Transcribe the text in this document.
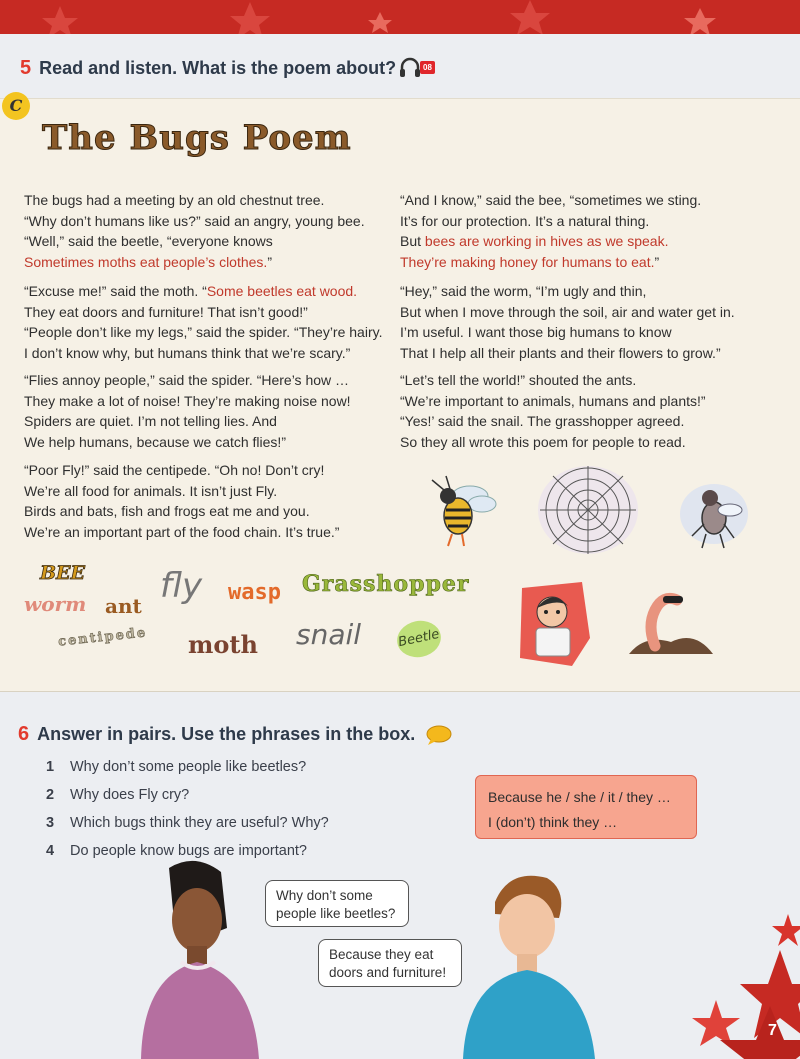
5 Read and listen. What is the poem about?	08
C
The Bugs Poem
The bugs had a meeting by an old chestnut tree.
“Why don’t humans like us?” said an angry, young bee.
“Well,” said the beetle, “everyone knows
Sometimes moths eat people’s clothes.”
“Excuse me!” said the moth. “Some beetles eat wood.
They eat doors and furniture! That isn’t good!”
“People don’t like my legs,” said the spider. “They’re hairy.
I don’t know why, but humans think that we’re scary.”
“Flies annoy people,” said the spider. “Here’s how …
They make a lot of noise! They’re making noise now!
Spiders are quiet. I’m not telling lies. And
We help humans, because we catch flies!”
“Poor Fly!” said the centipede. “Oh no! Don’t cry!
We’re all food for animals. It isn’t just Fly.
Birds and bats, fish and frogs eat me and you.
We’re an important part of the food chain. It’s true.”
“And I know,” said the bee, “sometimes we sting.
It’s for our protection. It’s a natural thing.
But bees are working in hives as we speak.
They’re making honey for humans to eat.”
“Hey,” said the worm, “I’m ugly and thin,
But when I move through the soil, air and water get in.
I’m useful. I want those big humans to know
That I help all their plants and their flowers to grow.”
“Let’s tell the world!” shouted the ants.
“We’re important to animals, humans and plants!”
“Yes!’ said the snail. The grasshopper agreed.
So they all wrote this poem for people to read.
BEE
worm ant fly wasp Grasshopper
centipede moth snail	Beetle
6 Answer in pairs. Use the phrases in the box.
1	Why don’t some people like beetles?
2	Why does Fly cry?
3	Which bugs think they are useful? Why?
4	Do people know bugs are important?
Because he / she / it / they …
I (don’t) think they …
Why don’t some people like beetles?
Because they eat doors and furniture!
7
